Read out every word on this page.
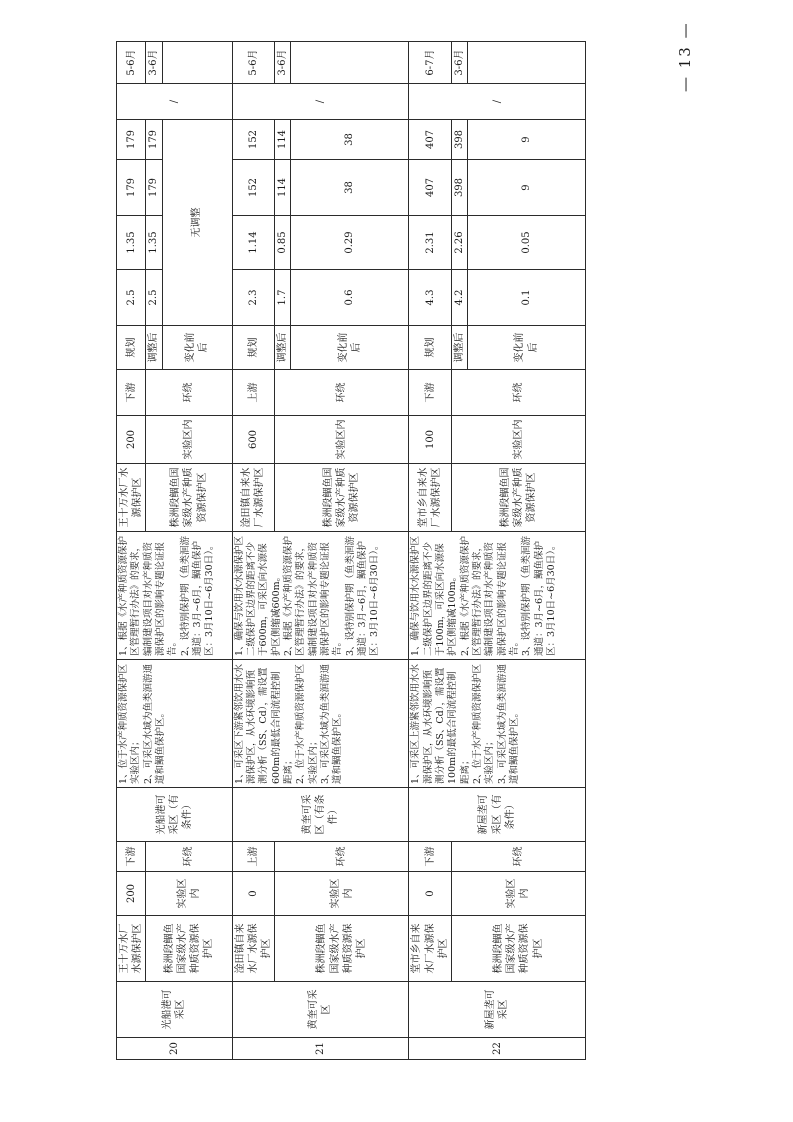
20	光船港可采区	王十万水厂水源保护区	200	下游	光船港可采区（有条件）	1、位于水产种质资源保护区实验区内； 2、可采区水域为鱼类洄游通道和鲴鱼保护区。	1、根据《水产种质资源保护区管理暂行办法》的要求，编制建设项目对水产种质资源保护区的影响专题论证报告。 2、设特别保护期（鱼类洄游通道：3月~6月，鲴鱼保护区：3月10日~6月30日）。	王十万水厂水源保护区	200	下游	规划	2.5	1.35	179	179	/	5-6月
		株洲段鲴鱼国家级水产种质资源保护区	实验区内	环绕				株洲段鲴鱼国家级水产种质资源保护区	实验区内	环绕	调整后	2.5	1.35	179	179		3-6月
											变化前后	无调整					
21	黄奎可采区	淦田镇自来水厂水源保护区	0	上游	黄奎可采区（有条件）	1、可采区下游紧邻饮用水水源保护区，从水环境影响预测分析（SS、Cd），需设置600m的最低合同流程控制距离； 2、位于水产种质资源保护区实验区内； 3、可采区水域为鱼类洄游通道和鲴鱼保护区。	1、确保与饮用水水源保护区二级保护区边界的距离不少于600m，可采区向水源保护区侧缩减600m。 2、根据《水产种质资源保护区管理暂行办法》的要求，编制建设项目对水产种质资源保护区的影响专题论证报告。 3、设特别保护期（鱼类洄游通道：3月~6月，鲴鱼保护区：3月10日~6月30日）。	淦田镇自来水厂水源保护区	600	上游	规划	2.3	1.14	152	152	/	5-6月
		株洲段鲴鱼国家级水产种质资源保护区	实验区内	环绕				株洲段鲴鱼国家级水产种质资源保护区	实验区内	环绕	调整后	1.7	0.85	114	114		3-6月
											变化前后	0.6	0.29	38	38		
22	新屋垄可采区	堂市乡自来水厂水源保护区	0	下游	新屋垄可采区（有条件）	1、可采区上游紧邻饮用水水源保护区，从水环境影响预测分析（SS、Cd），需设置100m的最低合同流程控制距离； 2、位于水产种质资源保护区实验区内； 3、可采区水域为鱼类洄游通道和鲴鱼保护区。	1、确保与饮用水水源保护区二级保护区边界的距离不少于100m，可采区向水源保护区侧缩减100m。 2、根据《水产种质资源保护区管理暂行办法》的要求，编制建设项目对水产种质资源保护区的影响专题论证报告。 3、设特别保护期（鱼类洄游通道：3月~6月，鲴鱼保护区：3月10日~6月30日）。	堂市乡自来水厂水源保护区	100	下游	规划	4.3	2.31	407	407	/	6-7月
		株洲段鲴鱼国家级水产种质资源保护区	实验区内	环绕				株洲段鲴鱼国家级水产种质资源保护区	实验区内	环绕	调整后	4.2	2.26	398	398		3-6月
											变化前后	0.1	0.05	9	9		
— 13 —
